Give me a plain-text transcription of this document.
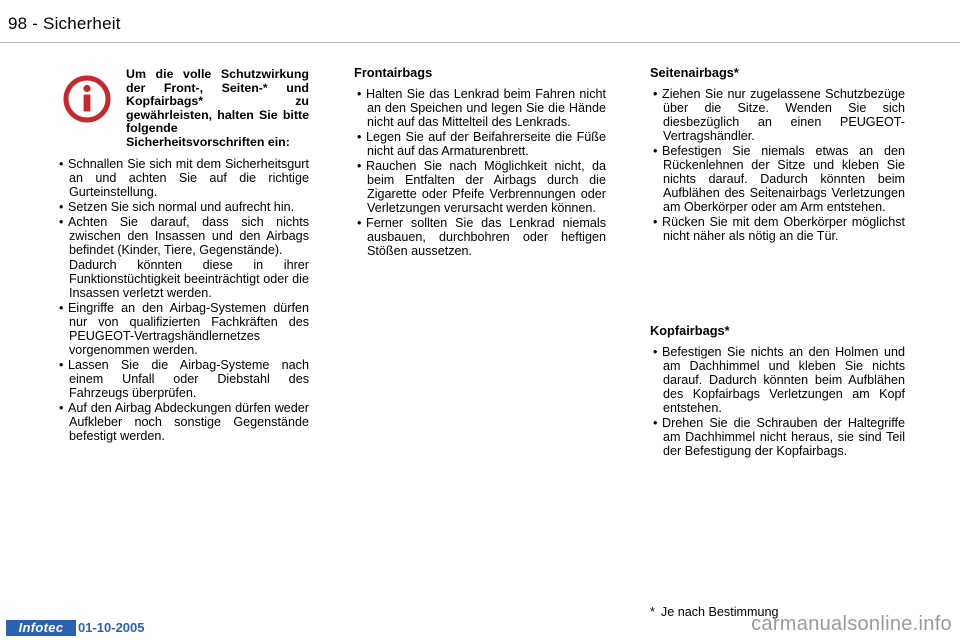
98 - Sicherheit
Um die volle Schutzwirkung der Front-, Seiten-* und Kopfairbags* zu gewährleisten, halten Sie bitte folgende Sicherheitsvorschriften ein:
• Schnallen Sie sich mit dem Sicherheitsgurt an und achten Sie auf die richtige Gurteinstellung.
• Setzen Sie sich normal und aufrecht hin.
• Achten Sie darauf, dass sich nichts zwischen den Insassen und den Airbags befindet (Kinder, Tiere, Gegenstände).
Dadurch könnten diese in ihrer Funktionstüchtigkeit beeinträchtigt oder die Insassen verletzt werden.
• Eingriffe an den Airbag-Systemen dürfen nur von qualifizierten Fachkräften des PEUGEOT-Vertragshändlernetzes vorgenommen werden.
• Lassen Sie die Airbag-Systeme nach einem Unfall oder Diebstahl des Fahrzeugs überprüfen.
• Auf den Airbag Abdeckungen dürfen weder Aufkleber noch sonstige Gegenstände befestigt werden.
Frontairbags
• Halten Sie das Lenkrad beim Fahren nicht an den Speichen und legen Sie die Hände nicht auf das Mittelteil des Lenkrads.
• Legen Sie auf der Beifahrerseite die Füße nicht auf das Armaturenbrett.
• Rauchen Sie nach Möglichkeit nicht, da beim Entfalten der Airbags durch die Zigarette oder Pfeife Verbrennungen oder Verletzungen verursacht werden können.
• Ferner sollten Sie das Lenkrad niemals ausbauen, durchbohren oder heftigen Stößen aussetzen.
Seitenairbags*
• Ziehen Sie nur zugelassene Schutzbezüge über die Sitze. Wenden Sie sich diesbezüglich an einen PEUGEOT-Vertragshändler.
• Befestigen Sie niemals etwas an den Rückenlehnen der Sitze und kleben Sie nichts darauf. Dadurch könnten beim Aufblähen des Seitenairbags Verletzungen am Oberkörper oder am Arm entstehen.
• Rücken Sie mit dem Oberkörper möglichst nicht näher als nötig an die Tür.
Kopfairbags*
• Befestigen Sie nichts an den Holmen und am Dachhimmel und kleben Sie nichts darauf. Dadurch könnten beim Aufblähen des Kopfairbags Verletzungen am Kopf entstehen.
• Drehen Sie die Schrauben der Haltegriffe am Dachhimmel nicht heraus, sie sind Teil der Befestigung der Kopfairbags.
* Je nach Bestimmung
Infotec	01-10-2005	carmanualsonline.info
